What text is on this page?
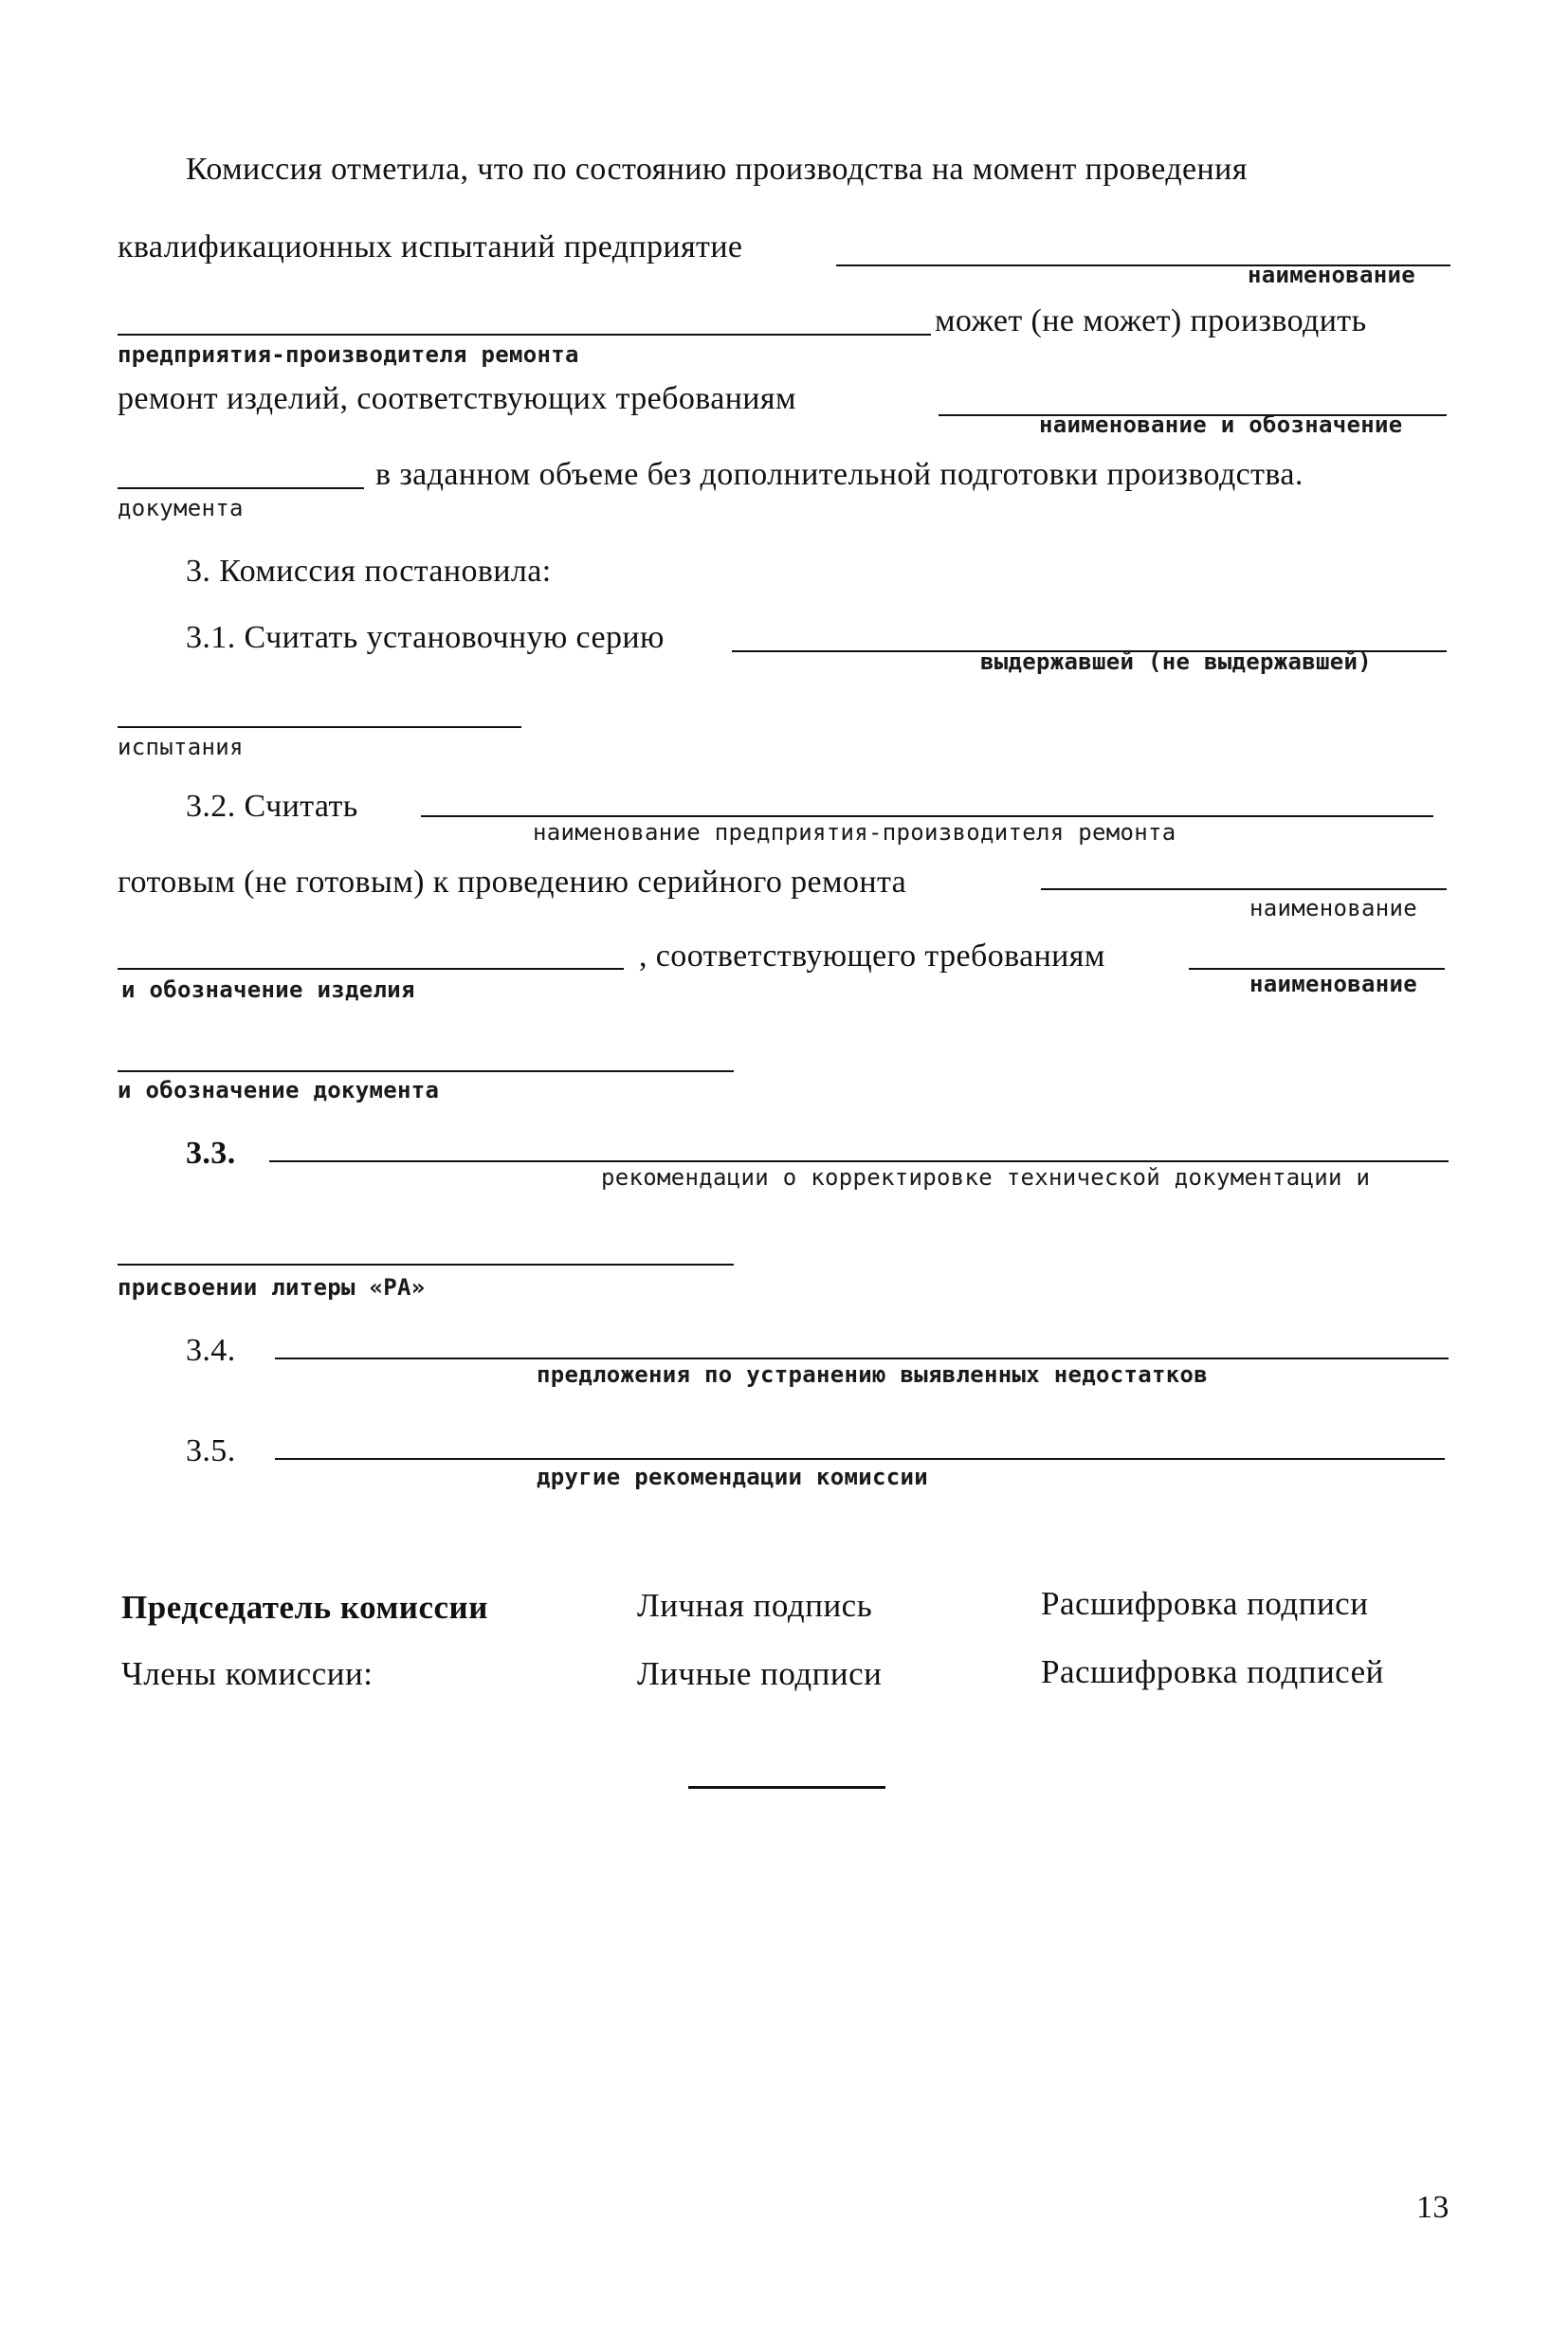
Комиссия отметила, что по состоянию производства на момент проведения
квалификационных испытаний предприятие
наименование
может (не может) производить
предприятия-производителя ремонта
ремонт изделий, соответствующих требованиям
наименование и обозначение
в заданном объеме без дополнительной подготовки производства.
документа
3. Комиссия постановила:
3.1. Считать установочную серию
выдержавшей (не выдержавшей)
испытания
3.2. Считать
наименование предприятия-производителя ремонта
готовым (не готовым) к проведению серийного ремонта
наименование
, соответствующего требованиям
и обозначение изделия	наименование
и обозначение документа
3.3.
рекомендации о корректировке технической документации и
присвоении литеры «РА»
3.4.
предложения по устранению выявленных недостатков
3.5.
другие рекомендации комиссии
Председатель комиссии	Личная подпись	Расшифровка подписи
Члены комиссии:	Личные подписи	Расшифровка подписей
13
